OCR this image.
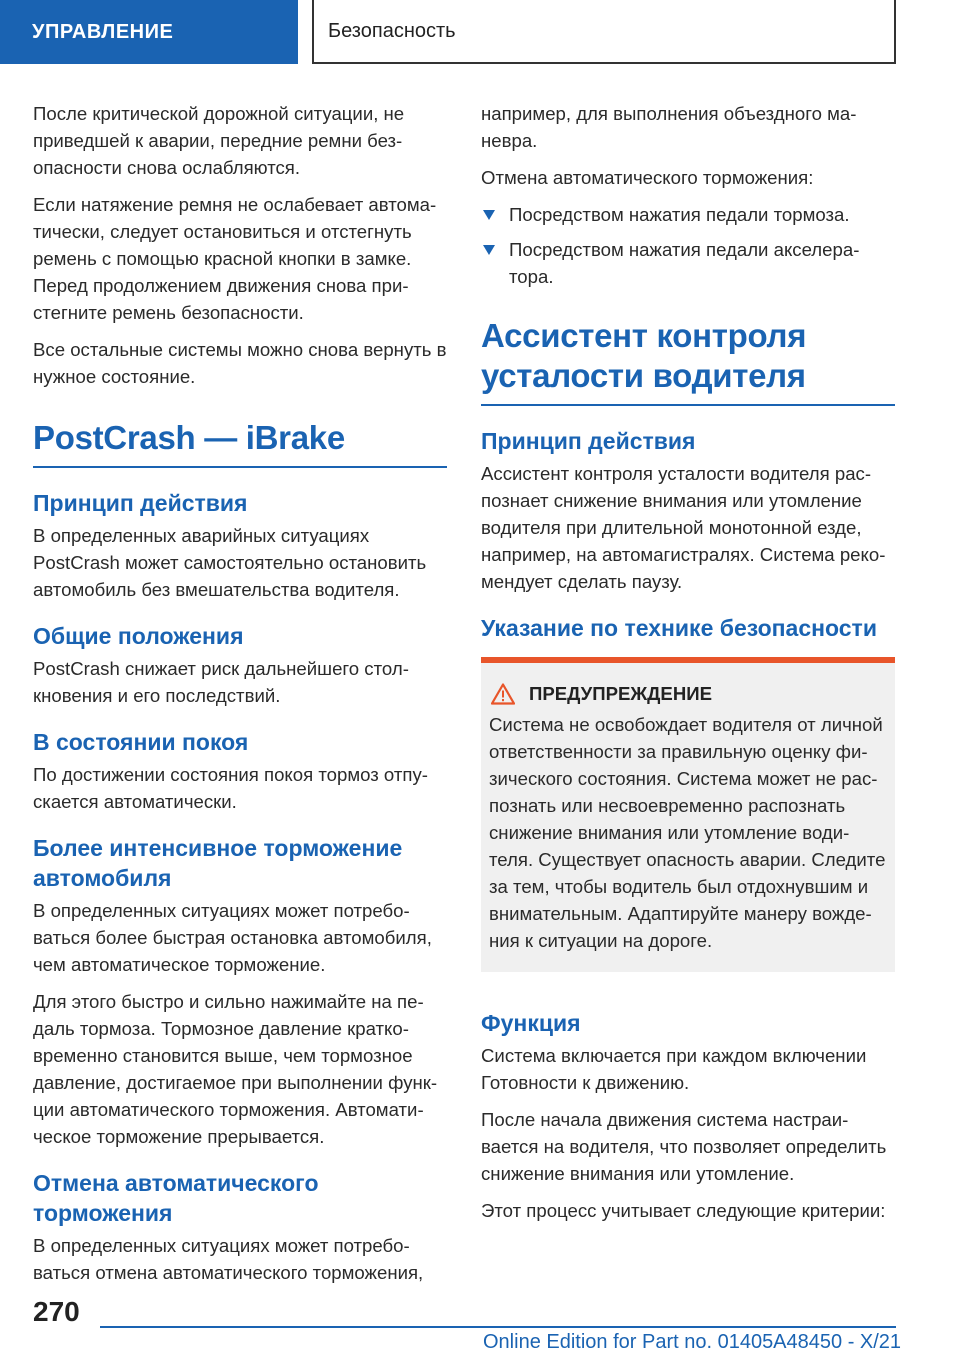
УПРАВЛЕНИЕ	Безопасность

После критической дорожной ситуации, не приведшей к аварии, передние ремни безопасности снова ослабляются.

Если натяжение ремня не ослабевает автоматически, следует остановиться и отстегнуть ремень с помощью красной кнопки в замке. Перед продолжением движения снова пристегните ремень безопасности.

Все остальные системы можно снова вернуть в нужное состояние.

PostCrash — iBrake
Принцип действия

В определенных аварийных ситуациях PostCrash может самостоятельно остановить автомобиль без вмешательства водителя.

Общие положения

PostCrash снижает риск дальнейшего столкновения и его последствий.

В состоянии покоя

По достижении состояния покоя тормоз отпускается автоматически.

Более интенсивное торможение автомобиля

В определенных ситуациях может потребоваться более быстрая остановка автомобиля, чем автоматическое торможение.

Для этого быстро и сильно нажимайте на педаль тормоза. Тормозное давление кратковременно становится выше, чем тормозное давление, достигаемое при выполнении функции автоматического торможения. Автоматическое торможение прерывается.

Отмена автоматического торможения

В определенных ситуациях может потребоваться отмена автоматического торможения,

например, для выполнения объездного маневра.

Отмена автоматического торможения:

Посредством нажатия педали тормоза.
Посредством нажатия педали акселератора.
Ассистент контроля усталости водителя
Принцип действия

Ассистент контроля усталости водителя распознает снижение внимания или утомление водителя при длительной монотонной езде, например, на автомагистралях. Система рекомендует сделать паузу.

Указание по технике безопасности
ПРЕДУПРЕЖДЕНИЕ

Система не освобождает водителя от личной ответственности за правильную оценку физического состояния. Система может не распознать или несвоевременно распознать снижение внимания или утомление водителя. Существует опасность аварии. Следите за тем, чтобы водитель был отдохнувшим и внимательным. Адаптируйте манеру вождения к ситуации на дороге.

Функция

Система включается при каждом включении Готовности к движению.

После начала движения система настраивается на водителя, что позволяет определить снижение внимания или утомление.

Этот процесс учитывает следующие критерии:

270
Online Edition for Part no. 01405A48450 - X/21
